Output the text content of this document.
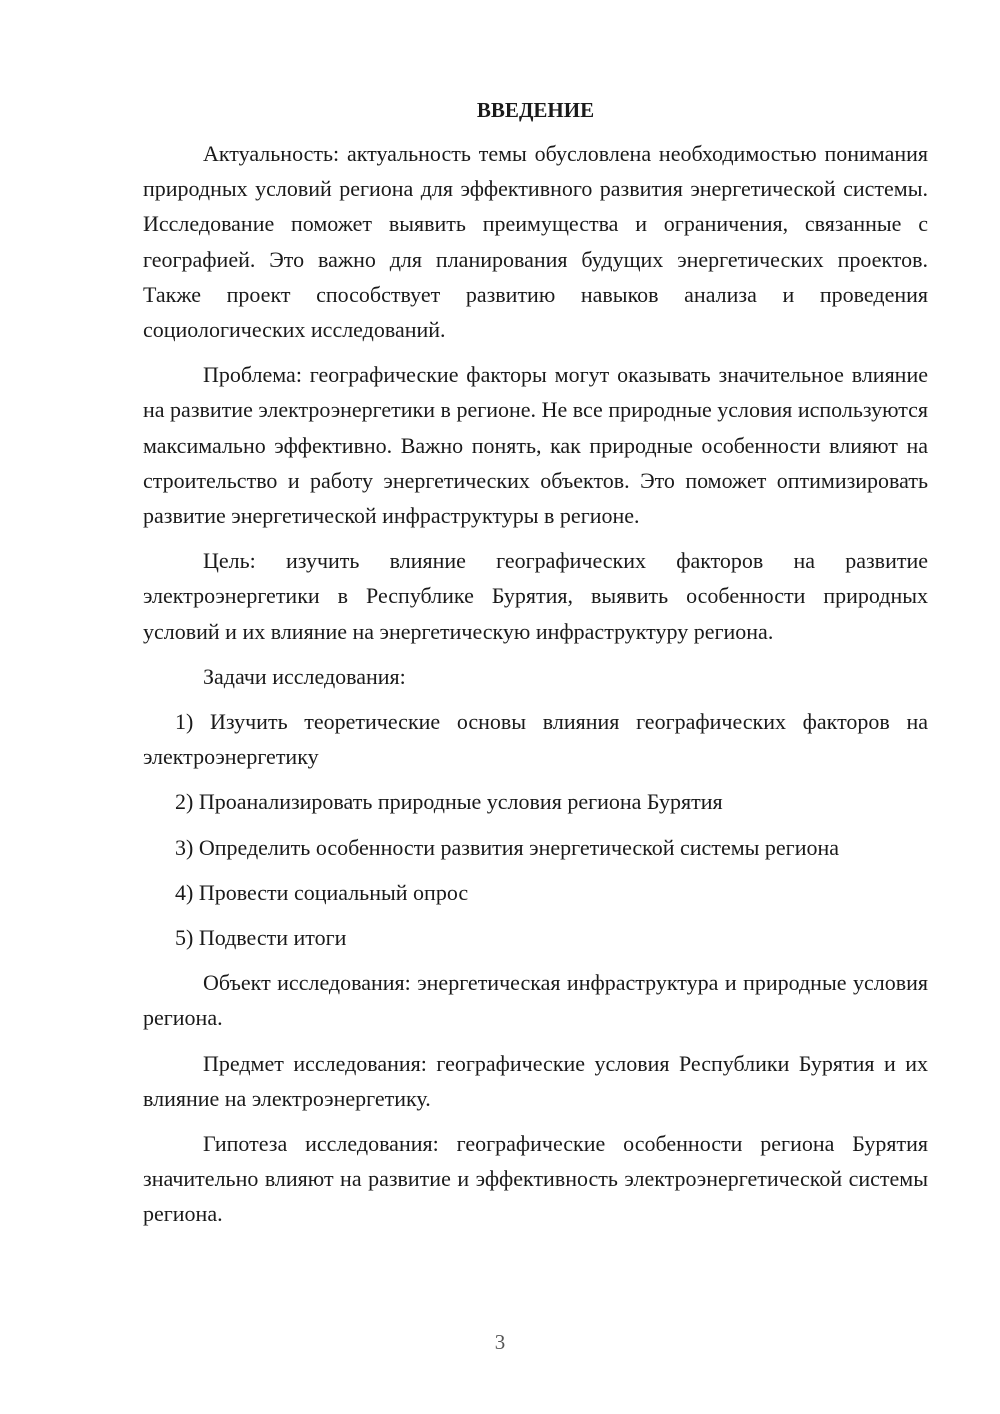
ВВЕДЕНИЕ

Актуальность: актуальность темы обусловлена необходимостью понимания природных условий региона для эффективного развития энергетической системы. Исследование поможет выявить преимущества и ограничения, связанные с географией. Это важно для планирования будущих энергетических проектов. Также проект способствует развитию навыков анализа и проведения социологических исследований.

Проблема: географические факторы могут оказывать значительное влияние на развитие электроэнергетики в регионе. Не все природные условия используются максимально эффективно. Важно понять, как природные особенности влияют на строительство и работу энергетических объектов. Это поможет оптимизировать развитие энергетической инфраструктуры в регионе.

Цель: изучить влияние географических факторов на развитие электроэнергетики в Республике Бурятия, выявить особенности природных условий и их влияние на энергетическую инфраструктуру региона.

Задачи исследования:

1) Изучить теоретические основы влияния географических факторов на электроэнергетику

2) Проанализировать природные условия региона Бурятия

3) Определить особенности развития энергетической системы региона

4) Провести социальный опрос

5) Подвести итоги

Объект исследования: энергетическая инфраструктура и природные условия региона.

Предмет исследования: географические условия Республики Бурятия и их влияние на электроэнергетику.

Гипотеза исследования: географические особенности региона Бурятия значительно влияют на развитие и эффективность электроэнергетической системы региона.

3
